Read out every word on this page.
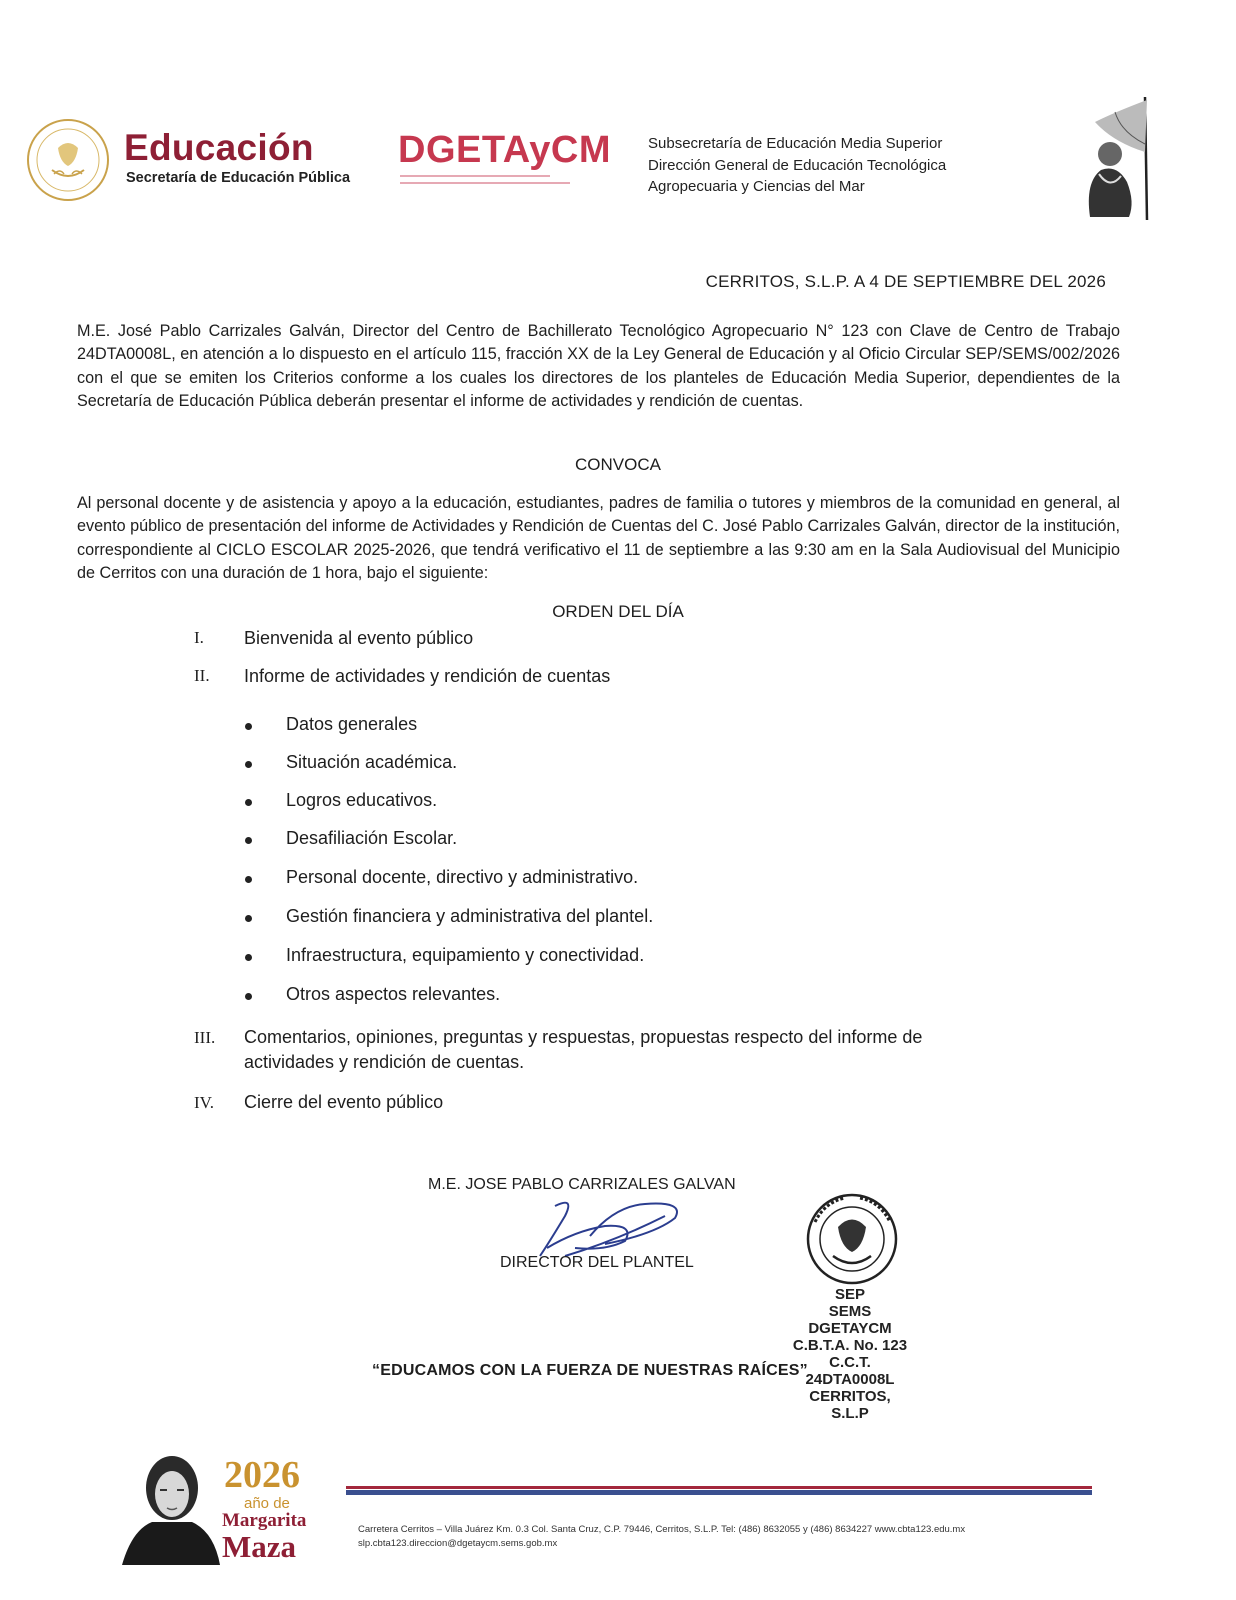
Educación
Secretaría de Educación Pública
DGETAyCM Subsecretaría de Educación Media Superior
Dirección General de Educación Tecnológica
Agropecuaria y Ciencias del Mar
CERRITOS, S.L.P. A 4 DE SEPTIEMBRE DEL 2026
M.E. José Pablo Carrizales Galván, Director del Centro de Bachillerato Tecnológico Agropecuario N° 123 con Clave de Centro de Trabajo 24DTA0008L, en atención a lo dispuesto en el artículo 115, fracción XX de la Ley General de Educación y al Oficio Circular SEP/SEMS/002/2026 con el que se emiten los Criterios conforme a los cuales los directores de los planteles de Educación Media Superior, dependientes de la Secretaría de Educación Pública deberán presentar el informe de actividades y rendición de cuentas.
CONVOCA
Al personal docente y de asistencia y apoyo a la educación, estudiantes, padres de familia o tutores y miembros de la comunidad en general, al evento público de presentación del informe de Actividades y Rendición de Cuentas del C. José Pablo Carrizales Galván, director de la institución, correspondiente al CICLO ESCOLAR 2025-2026, que tendrá verificativo el 11 de septiembre a las 9:30 am en la Sala Audiovisual del Municipio de Cerritos con una duración de 1 hora, bajo el siguiente:
ORDEN DEL DÍA
I. Bienvenida al evento público
II. Informe de actividades y rendición de cuentas
Datos generales
Situación académica.
Logros educativos.
Desafiliación Escolar.
Personal docente, directivo y administrativo.
Gestión financiera y administrativa del plantel.
Infraestructura, equipamiento y conectividad.
Otros aspectos relevantes.
III. Comentarios, opiniones, preguntas y respuestas, propuestas respecto del informe de
actividades y rendición de cuentas.
IV. Cierre del evento público
M.E. JOSE PABLO CARRIZALES GALVAN
DIRECTOR DEL PLANTEL
SEP
SEMS
DGETAYCM
C.B.T.A. No. 123
C.C.T. 24DTA0008L
CERRITOS, S.L.P
“EDUCAMOS CON LA FUERZA DE NUESTRAS RAÍCES”
2026
año de
Margarita
Maza	Carretera Cerritos – Villa Juárez Km. 0.3 Col. Santa Cruz, C.P. 79446, Cerritos, S.L.P. Tel: (486) 8632055 y (486) 8634227 www.cbta123.edu.mx
slp.cbta123.direccion@dgetaycm.sems.gob.mx
